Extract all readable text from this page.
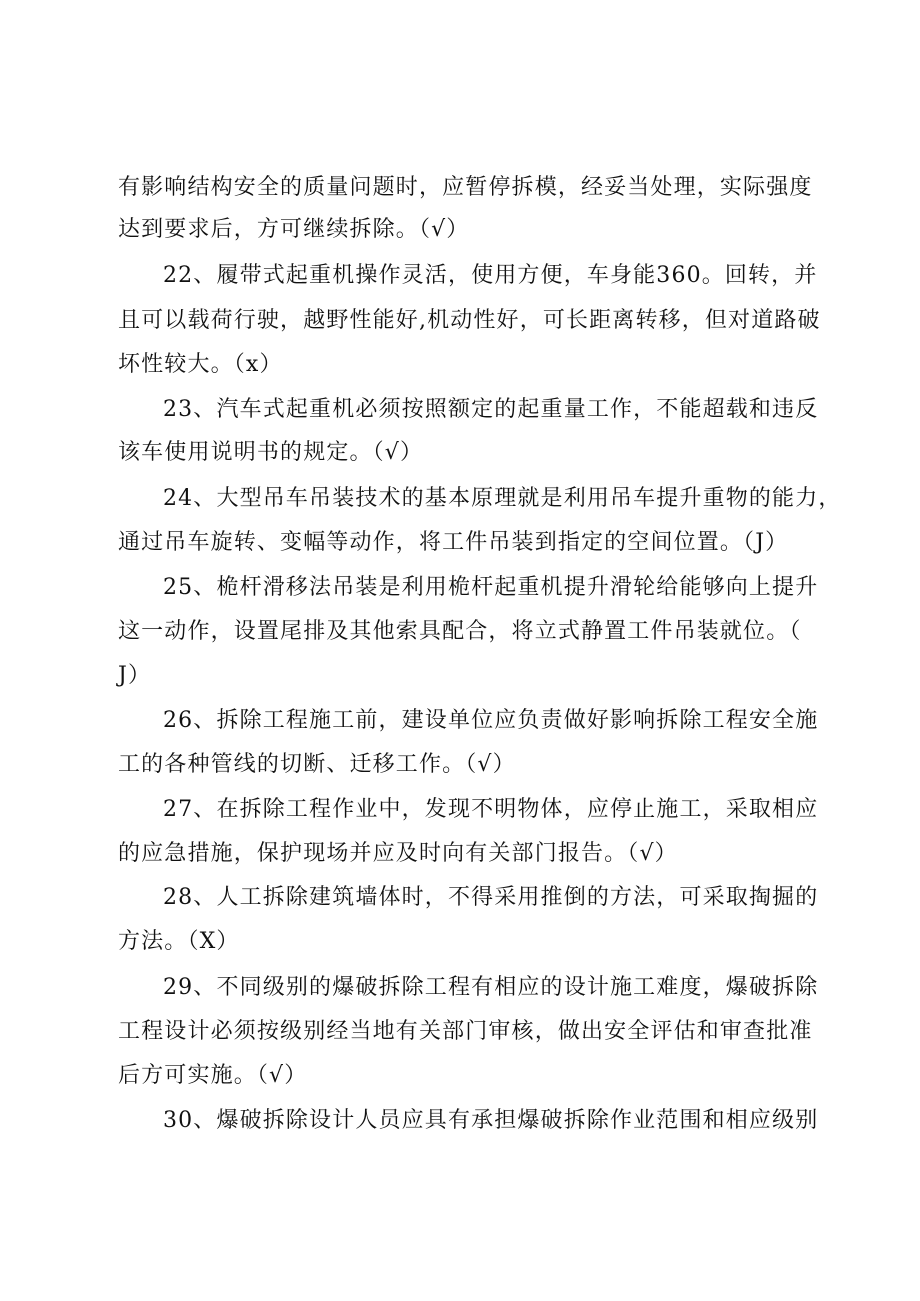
有影响结构安全的质量问题时，应暂停拆模，经妥当处理，实际强度
达到要求后，方可继续拆除。（√）
22、履带式起重机操作灵活，使用方便，车身能360。回转，并
且可以载荷行驶，越野性能好,机动性好，可长距离转移，但对道路破
坏性较大。（x）
23、汽车式起重机必须按照额定的起重量工作，不能超载和违反
该车使用说明书的规定。（√）
24、大型吊车吊装技术的基本原理就是利用吊车提升重物的能力，
通过吊车旋转、变幅等动作，将工件吊装到指定的空间位置。（J）
25、桅杆滑移法吊装是利用桅杆起重机提升滑轮给能够向上提升
这一动作，设置尾排及其他索具配合，将立式静置工件吊装就位。（
J）
26、拆除工程施工前，建设单位应负责做好影响拆除工程安全施
工的各种管线的切断、迁移工作。（√）
27、在拆除工程作业中，发现不明物体，应停止施工，采取相应
的应急措施，保护现场并应及时向有关部门报告。（√）
28、人工拆除建筑墙体时，不得采用推倒的方法，可采取掏掘的
方法。（X）
29、不同级别的爆破拆除工程有相应的设计施工难度，爆破拆除
工程设计必须按级别经当地有关部门审核，做出安全评估和审查批准
后方可实施。（√）
30、爆破拆除设计人员应具有承担爆破拆除作业范围和相应级别
